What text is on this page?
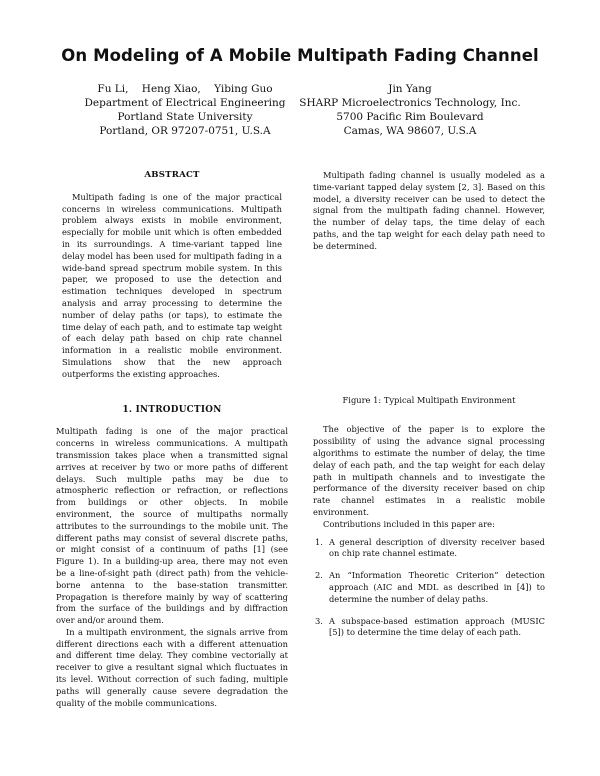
On Modeling of A Mobile Multipath Fading Channel
Fu Li,    Heng Xiao,    Yibing Guo
Department of Electrical Engineering
Portland State University
Portland, OR 97207-0751, U.S.A
Jin Yang
SHARP Microelectronics Technology, Inc.
5700 Pacific Rim Boulevard
Camas, WA 98607, U.S.A
ABSTRACT

Multipath fading is one of the major practical concerns in wireless communications. Multipath problem always exists in mobile environment, especially for mobile unit which is often embedded in its surroundings. A time-variant tapped line delay model has been used for multipath fading in a wide-band spread spectrum mobile system. In this paper, we proposed to use the detection and estimation techniques developed in spectrum analysis and array processing to determine the number of delay paths (or taps), to estimate the time delay of each path, and to estimate tap weight of each delay path based on chip rate channel information in a realistic mobile environment. Simulations show that the new approach outperforms the existing approaches.

1. INTRODUCTION

Multipath fading is one of the major practical concerns in wireless communications. A multipath transmission takes place when a transmitted signal arrives at receiver by two or more paths of different delays. Such multiple paths may be due to atmospheric reflection or refraction, or reflections from buildings or other objects. In mobile environment, the source of multipaths normally attributes to the surroundings to the mobile unit. The different paths may consist of several discrete paths, or might consist of a continuum of paths [1] (see Figure 1). In a building-up area, there may not even be a line-of-sight path (direct path) from the vehicle-borne antenna to the base-station transmitter. Propagation is therefore mainly by way of scattering from the surface of the buildings and by diffraction over and/or around them.

In a multipath environment, the signals arrive from different directions each with a different attenuation and different time delay. They combine vectorially at receiver to give a resultant signal which fluctuates in its level. Without correction of such fading, multiple paths will generally cause severe degradation the quality of the mobile communications.

Multipath fading channel is usually modeled as a time-variant tapped delay system [2, 3]. Based on this model, a diversity receiver can be used to detect the signal from the multipath fading channel. However, the number of delay taps, the time delay of each paths, and the tap weight for each delay path need to be determined.

Figure 1: Typical Multipath Environment

The objective of the paper is to explore the possibility of using the advance signal processing algorithms to estimate the number of delay, the time delay of each path, and the tap weight for each delay path in multipath channels and to investigate the performance of the diversity receiver based on chip rate channel estimates in a realistic mobile environment.

Contributions included in this paper are:

1. A general description of diversity receiver based on chip rate channel estimate.
2. An “Information Theoretic Criterion” detection approach (AIC and MDL as described in [4]) to determine the number of delay paths.
3. A subspace-based estimation approach (MUSIC [5]) to determine the time delay of each path.
